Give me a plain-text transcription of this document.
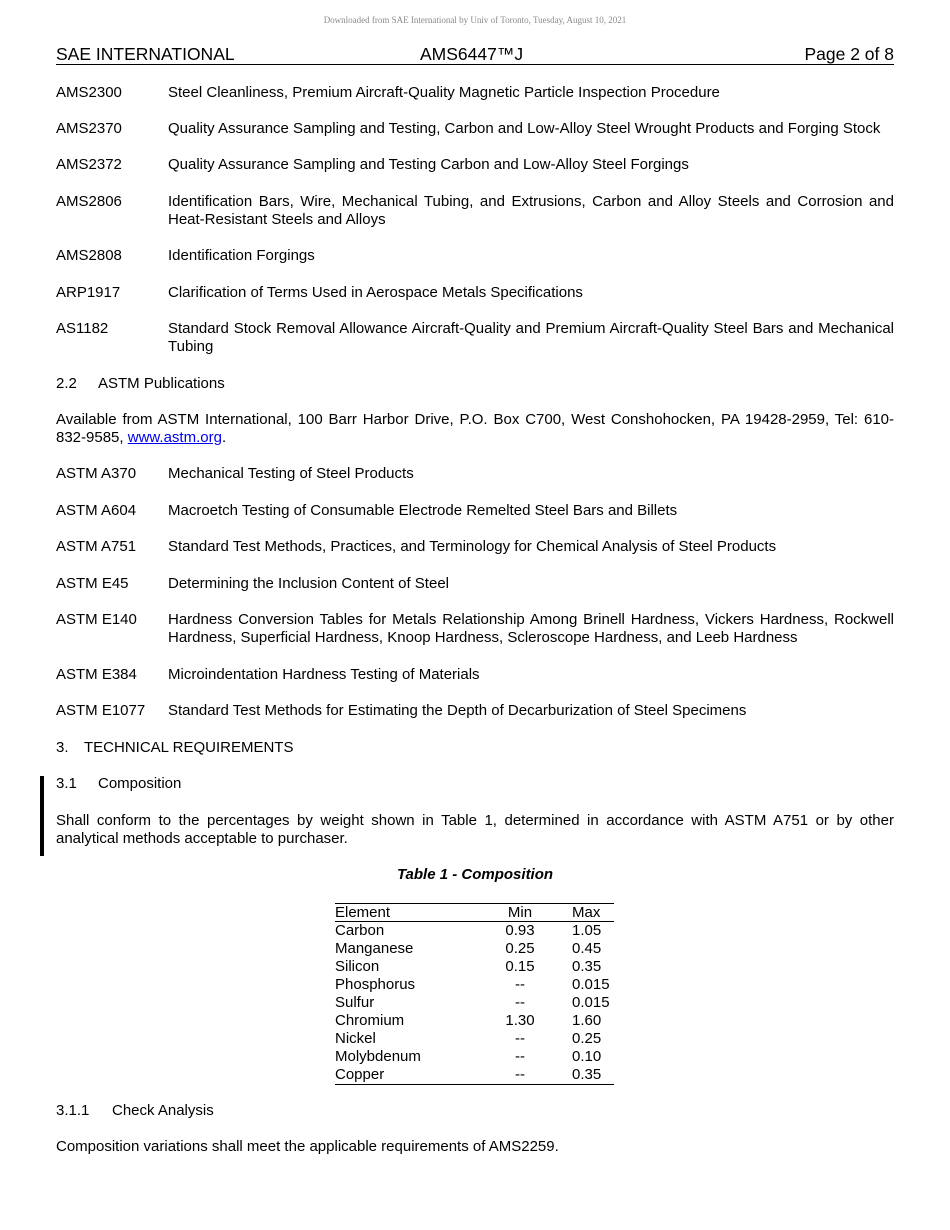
Downloaded from SAE International by Univ of Toronto, Tuesday, August 10, 2021
SAE INTERNATIONAL	AMS6447™J	Page 2 of 8
AMS2300	Steel Cleanliness, Premium Aircraft-Quality Magnetic Particle Inspection Procedure
AMS2370	Quality Assurance Sampling and Testing, Carbon and Low-Alloy Steel Wrought Products and Forging Stock
AMS2372	Quality Assurance Sampling and Testing Carbon and Low-Alloy Steel Forgings
AMS2806	Identification Bars, Wire, Mechanical Tubing, and Extrusions, Carbon and Alloy Steels and Corrosion and Heat-Resistant Steels and Alloys
AMS2808	Identification Forgings
ARP1917	Clarification of Terms Used in Aerospace Metals Specifications
AS1182	Standard Stock Removal Allowance Aircraft-Quality and Premium Aircraft-Quality Steel Bars and Mechanical Tubing
2.2 ASTM Publications
Available from ASTM International, 100 Barr Harbor Drive, P.O. Box C700, West Conshohocken, PA 19428-2959, Tel: 610-832-9585, www.astm.org.
ASTM A370	Mechanical Testing of Steel Products
ASTM A604	Macroetch Testing of Consumable Electrode Remelted Steel Bars and Billets
ASTM A751	Standard Test Methods, Practices, and Terminology for Chemical Analysis of Steel Products
ASTM E45	Determining the Inclusion Content of Steel
ASTM E140	Hardness Conversion Tables for Metals Relationship Among Brinell Hardness, Vickers Hardness, Rockwell Hardness, Superficial Hardness, Knoop Hardness, Scleroscope Hardness, and Leeb Hardness
ASTM E384	Microindentation Hardness Testing of Materials
ASTM E1077	Standard Test Methods for Estimating the Depth of Decarburization of Steel Specimens
3. TECHNICAL REQUIREMENTS
3.1 Composition
Shall conform to the percentages by weight shown in Table 1, determined in accordance with ASTM A751 or by other analytical methods acceptable to purchaser.
3.1.1 Check Analysis
Composition variations shall meet the applicable requirements of AMS2259.
Table 1 - Composition
Element	Min	Max
Carbon	0.93	1.05
Manganese	0.25	0.45
Silicon	0.15	0.35
Phosphorus	--	0.015
Sulfur	--	0.015
Chromium	1.30	1.60
Nickel	--	0.25
Molybdenum	--	0.10
Copper	--	0.35
